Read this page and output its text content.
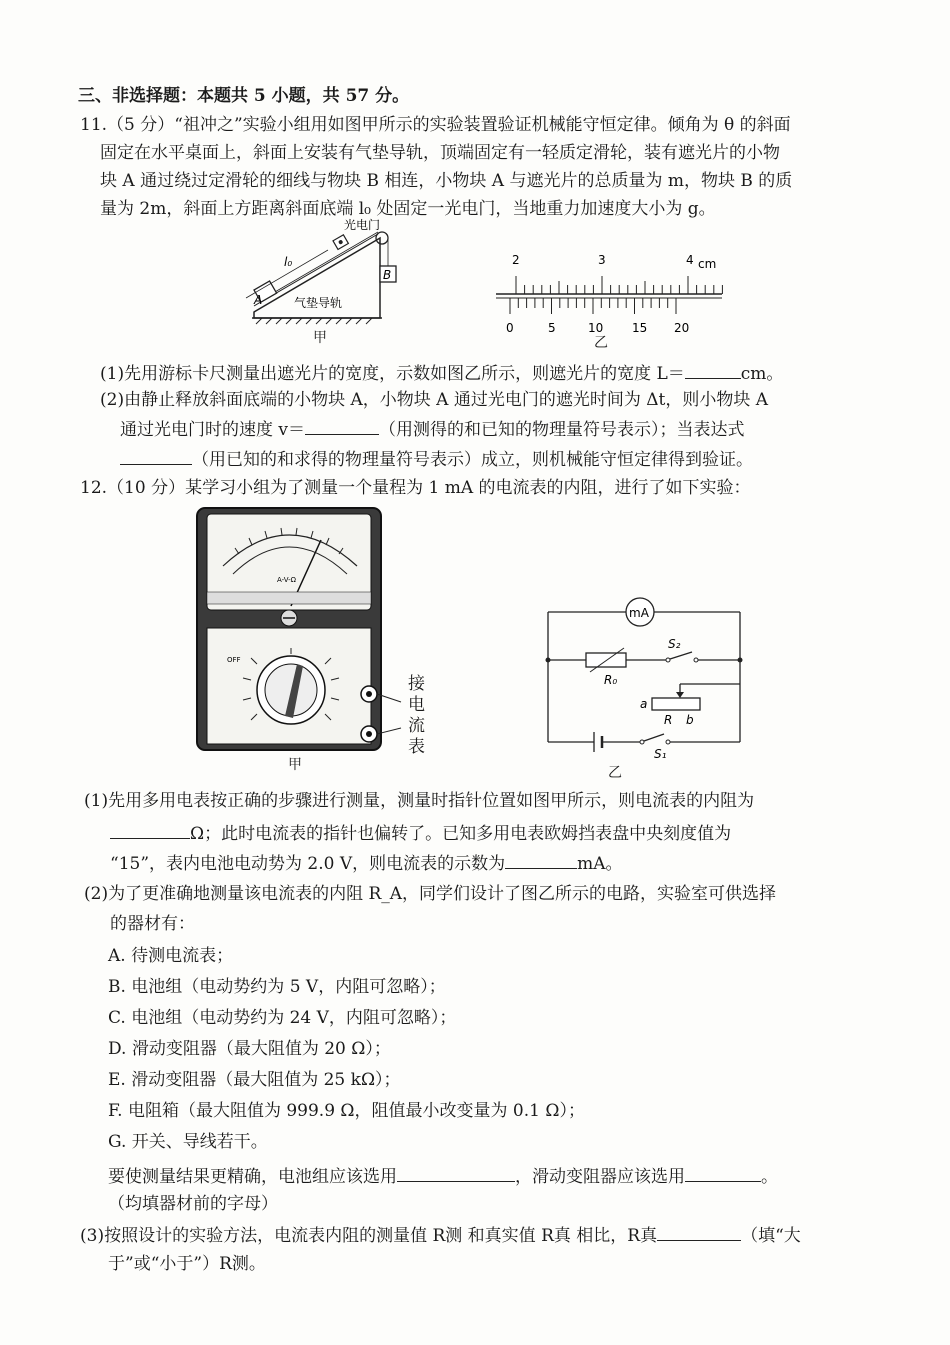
三、非选择题：本题共 5 小题，共 57 分。
11.（5 分）“祖冲之”实验小组用如图甲所示的实验装置验证机械能守恒定律。倾角为 θ 的斜面
固定在水平桌面上，斜面上安装有气垫导轨，顶端固定有一轻质定滑轮，装有遮光片的小物
块 A 通过绕过定滑轮的细线与物块 B 相连，小物块 A 与遮光片的总质量为 m，物块 B 的质
量为 2m，斜面上方距离斜面底端 l₀ 处固定一光电门，当地重力加速度大小为 g。
B
A
光电门
l₀
气垫导轨
甲
2	3	4 cm
0	5	10 15 20
乙
(1)先用游标卡尺测量出遮光片的宽度，示数如图乙所示，则遮光片的宽度 L＝	cm。
(2)由静止释放斜面底端的小物块 A，小物块 A 通过光电门的遮光时间为 Δt，则小物块 A
通过光电门时的速度 v＝	（用测得的和已知的物理量符号表示）；当表达式
（用已知的和求得的物理量符号表示）成立，则机械能守恒定律得到验证。
12.（10 分）某学习小组为了测量一个量程为 1 mA 的电流表的内阻，进行了如下实验：
A-V-Ω
OFF
接
电
流
表
甲
mA
R₀
S₂
a
R b
S₁
乙
(1)先用多用电表按正确的步骤进行测量，测量时指针位置如图甲所示，则电流表的内阻为
Ω；此时电流表的指针也偏转了。已知多用电表欧姆挡表盘中央刻度值为
“15”，表内电池电动势为 2.0 V，则电流表的示数为	mA。
(2)为了更准确地测量该电流表的内阻 R_A，同学们设计了图乙所示的电路，实验室可供选择
的器材有：
A. 待测电流表；
B. 电池组（电动势约为 5 V，内阻可忽略）；
C. 电池组（电动势约为 24 V，内阻可忽略）；
D. 滑动变阻器（最大阻值为 20 Ω）；
E. 滑动变阻器（最大阻值为 25 kΩ）；
F. 电阻箱（最大阻值为 999.9 Ω，阻值最小改变量为 0.1 Ω）；
G. 开关、导线若干。
要使测量结果更精确，电池组应该选用	，滑动变阻器应该选用	。
（均填器材前的字母）
(3)按照设计的实验方法，电流表内阻的测量值 R测 和真实值 R真 相比，R真	（填“大
于”或“小于”）R测。
